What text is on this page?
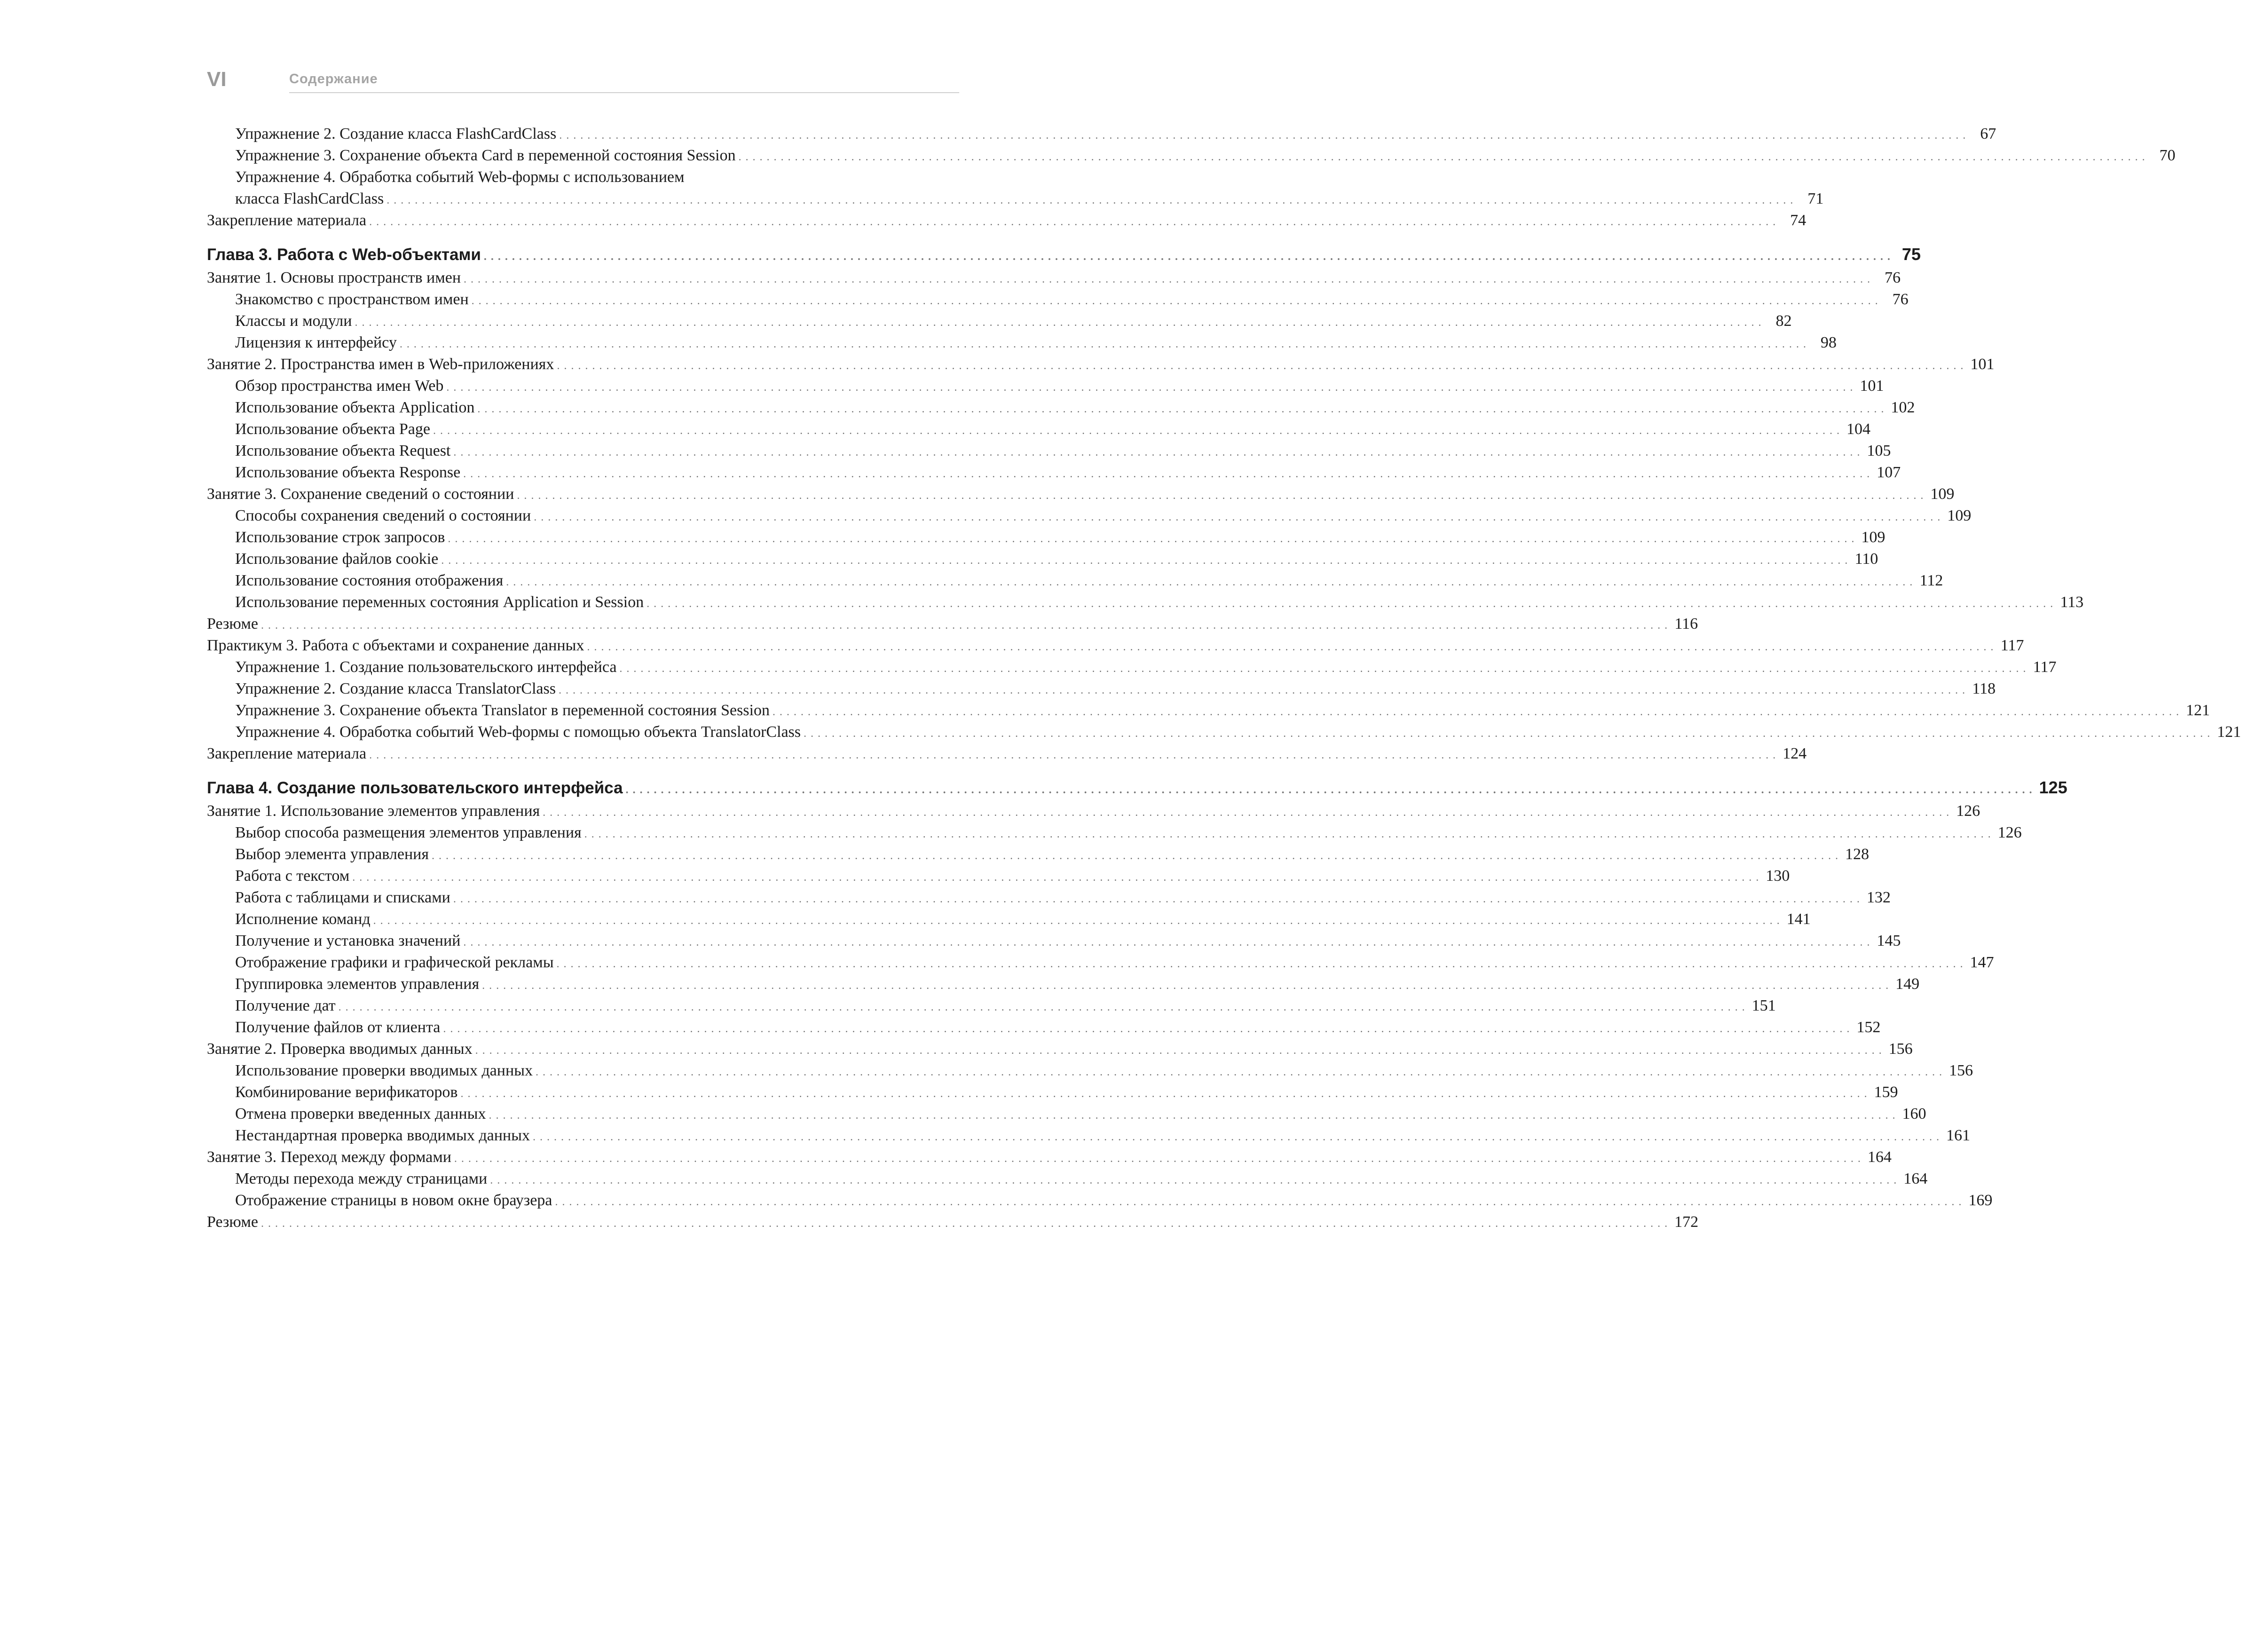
VI	Содержание
Упражнение 2. Создание класса FlashCardClass ........................................................................................................................................................................................................ 67
Упражнение 3. Сохранение объекта Card в переменной состояния Session ........................................................................................................................................................................................................ 70
Упражнение 4. Обработка событий Web-формы с использованием
класса FlashCardClass ........................................................................................................................................................................................................ 71
Закрепление материала ........................................................................................................................................................................................................ 74
Глава 3. Работа с Web-объектами ........................................................................................................................................................................................................ 75
Занятие 1. Основы пространств имен ........................................................................................................................................................................................................ 76
Знакомство с пространством имен ........................................................................................................................................................................................................ 76
Классы и модули ........................................................................................................................................................................................................ 82
Лицензия к интерфейсу ........................................................................................................................................................................................................ 98
Занятие 2. Пространства имен в Web-приложениях ........................................................................................................................................................................................................ 101
Обзор пространства имен Web ........................................................................................................................................................................................................ 101
Использование объекта Application ........................................................................................................................................................................................................ 102
Использование объекта Page ........................................................................................................................................................................................................ 104
Использование объекта Request ........................................................................................................................................................................................................ 105
Использование объекта Response ........................................................................................................................................................................................................ 107
Занятие 3. Сохранение сведений о состоянии ........................................................................................................................................................................................................ 109
Способы сохранения сведений о состоянии ........................................................................................................................................................................................................ 109
Использование строк запросов ........................................................................................................................................................................................................ 109
Использование файлов cookie ........................................................................................................................................................................................................ 110
Использование состояния отображения ........................................................................................................................................................................................................ 112
Использование переменных состояния Application и Session ........................................................................................................................................................................................................ 113
Резюме ........................................................................................................................................................................................................ 116
Практикум 3. Работа с объектами и сохранение данных ........................................................................................................................................................................................................ 117
Упражнение 1. Создание пользовательского интерфейса ........................................................................................................................................................................................................ 117
Упражнение 2. Создание класса TranslatorClass ........................................................................................................................................................................................................ 118
Упражнение 3. Сохранение объекта Translator в переменной состояния Session ........................................................................................................................................................................................................ 121
Упражнение 4. Обработка событий Web-формы с помощью объекта TranslatorClass ........................................................................................................................................................................................................ 121
Закрепление материала ........................................................................................................................................................................................................ 124
Глава 4. Создание пользовательского интерфейса ........................................................................................................................................................................................................ 125
Занятие 1. Использование элементов управления ........................................................................................................................................................................................................ 126
Выбор способа размещения элементов управления ........................................................................................................................................................................................................ 126
Выбор элемента управления ........................................................................................................................................................................................................ 128
Работа с текстом ........................................................................................................................................................................................................ 130
Работа с таблицами и списками ........................................................................................................................................................................................................ 132
Исполнение команд ........................................................................................................................................................................................................ 141
Получение и установка значений ........................................................................................................................................................................................................ 145
Отображение графики и графической рекламы ........................................................................................................................................................................................................ 147
Группировка элементов управления ........................................................................................................................................................................................................ 149
Получение дат ........................................................................................................................................................................................................ 151
Получение файлов от клиента ........................................................................................................................................................................................................ 152
Занятие 2. Проверка вводимых данных ........................................................................................................................................................................................................ 156
Использование проверки вводимых данных ........................................................................................................................................................................................................ 156
Комбинирование верификаторов ........................................................................................................................................................................................................ 159
Отмена проверки введенных данных ........................................................................................................................................................................................................ 160
Нестандартная проверка вводимых данных ........................................................................................................................................................................................................ 161
Занятие 3. Переход между формами ........................................................................................................................................................................................................ 164
Методы перехода между страницами ........................................................................................................................................................................................................ 164
Отображение страницы в новом окне браузера ........................................................................................................................................................................................................ 169
Резюме ........................................................................................................................................................................................................ 172
